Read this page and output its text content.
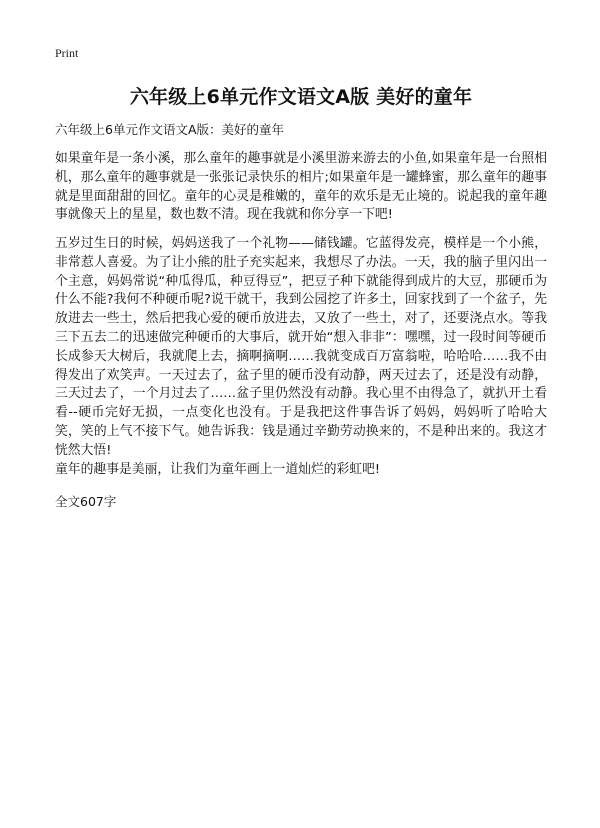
Print
六年级上6单元作文语文A版 美好的童年

六年级上6单元作文语文A版：美好的童年

如果童年是一条小溪，那么童年的趣事就是小溪里游来游去的小鱼,如果童年是一台照相机，那么童年的趣事就是一张张记录快乐的相片;如果童年是一罐蜂蜜，那么童年的趣事就是里面甜甜的回忆。童年的心灵是稚嫩的，童年的欢乐是无止境的。说起我的童年趣事就像天上的星星，数也数不清。现在我就和你分享一下吧!

五岁过生日的时候，妈妈送我了一个礼物——储钱罐。它蓝得发亮，模样是一个小熊，非常惹人喜爱。为了让小熊的肚子充实起来，我想尽了办法。一天，我的脑子里闪出一个主意，妈妈常说“种瓜得瓜，种豆得豆”，把豆子种下就能得到成片的大豆，那硬币为什么不能?我何不种硬币呢?说干就干，我到公园挖了许多土，回家找到了一个盆子，先放进去一些土，然后把我心爱的硬币放进去，又放了一些土，对了，还要浇点水。等我三下五去二的迅速做完种硬币的大事后，就开始“想入非非”：嘿嘿，过一段时间等硬币长成参天大树后，我就爬上去，摘啊摘啊……我就变成百万富翁啦，哈哈哈……我不由得发出了欢笑声。一天过去了，盆子里的硬币没有动静，两天过去了，还是没有动静，三天过去了，一个月过去了……盆子里仍然没有动静。我心里不由得急了，就扒开土看看--硬币完好无损，一点变化也没有。于是我把这件事告诉了妈妈，妈妈听了哈哈大笑，笑的上气不接下气。她告诉我：钱是通过辛勤劳动换来的，不是种出来的。我这才恍然大悟!

童年的趣事是美丽，让我们为童年画上一道灿烂的彩虹吧!

全文607字
